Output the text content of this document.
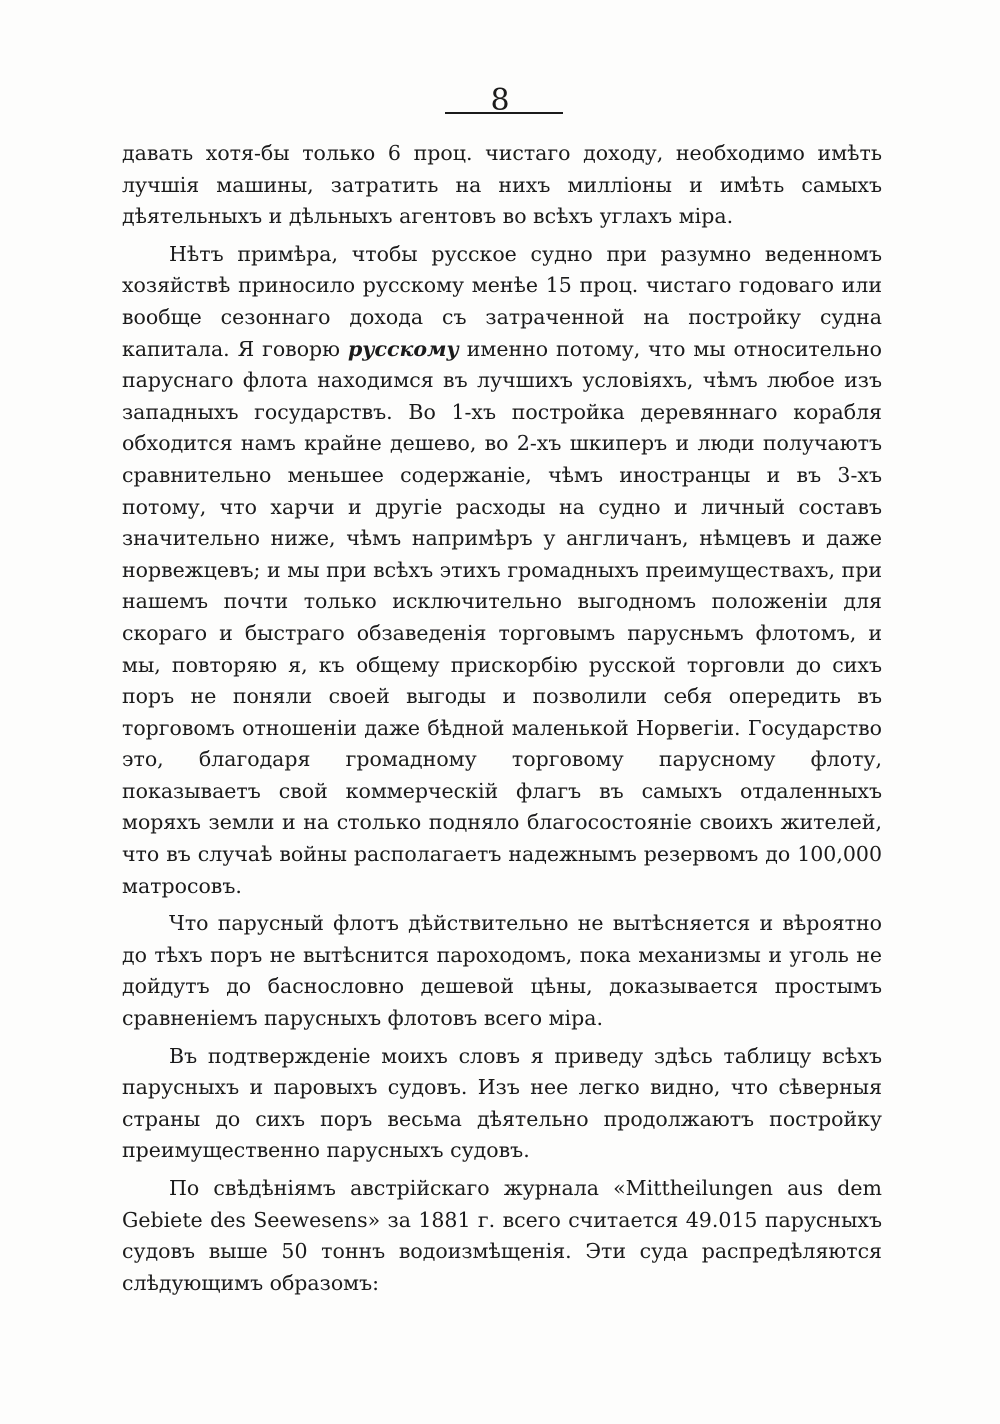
8

давать хотя-бы только 6 проц. чистаго доходу, необходимо имѣть лучшія машины, затратить на нихъ милліоны и имѣть самыхъ дѣятельныхъ и дѣльныхъ агентовъ во всѣхъ углахъ міра.

Нѣтъ примѣра, чтобы русское судно при разумно веденномъ хозяйствѣ приносило русскому менѣе 15 проц. чистаго годоваго или вообще сезоннаго дохода съ затраченной на постройку судна капитала. Я говорю русскому именно потому, что мы относительно паруснаго флота находимся въ лучшихъ условіяхъ, чѣмъ любое изъ западныхъ государствъ. Во 1-хъ постройка деревяннаго корабля обходится намъ крайне дешево, во 2-хъ шкиперъ и люди получаютъ сравнительно меньшее содержаніе, чѣмъ иностранцы и въ 3-хъ потому, что харчи и другіе расходы на судно и личный составъ значительно ниже, чѣмъ напримѣръ у англичанъ, нѣмцевъ и даже норвежцевъ; и мы при всѣхъ этихъ громадныхъ преимуществахъ, при нашемъ почти только исключительно выгодномъ положеніи для скораго и быстраго обзаведенія торговымъ парусньмъ флотомъ, и мы, повторяю я, къ общему прискорбію русской торговли до сихъ поръ не поняли своей выгоды и позволили себя опередить въ торговомъ отношеніи даже бѣдной маленькой Норвегіи. Государство это, благодаря громадному торговому парусному флоту, показываетъ свой коммерческій флагъ въ самыхъ отдаленныхъ моряхъ земли и на столько подняло благосостояніе своихъ жителей, что въ случаѣ войны располагаетъ надежнымъ резервомъ до 100,000 матросовъ.

Что парусный флотъ дѣйствительно не вытѣсняется и вѣроятно до тѣхъ поръ не вытѣснится пароходомъ, пока механизмы и уголь не дойдутъ до баснословно дешевой цѣны, доказывается простымъ сравненіемъ парусныхъ флотовъ всего міра.

Въ подтвержденіе моихъ словъ я приведу здѣсь таблицу всѣхъ парусныхъ и паровыхъ судовъ. Изъ нее легко видно, что сѣверныя страны до сихъ поръ весьма дѣятельно продолжаютъ постройку преимущественно парусныхъ судовъ.

По свѣдѣніямъ австрійскаго журнала «Mittheilungen aus dem Gebiete des Seewesens» за 1881 г. всего считается 49.015 парусныхъ судовъ выше 50 тоннъ водоизмѣщенія. Эти суда распредѣляются слѣдующимъ образомъ:
